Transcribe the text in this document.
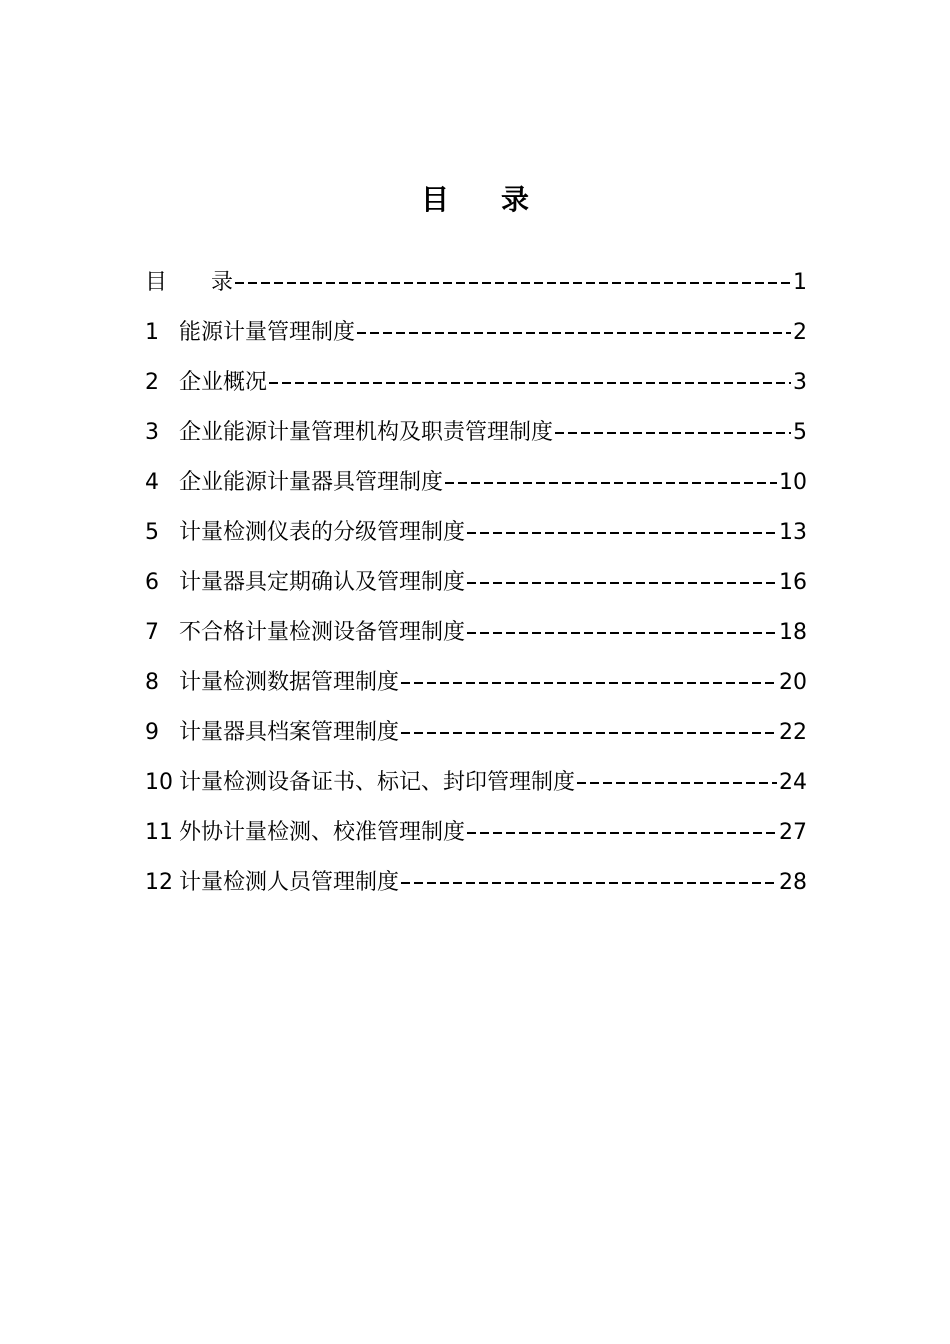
目 录
目 录	1
1 能源计量管理制度	2
2 企业概况	3
3 企业能源计量管理机构及职责管理制度	5
4 企业能源计量器具管理制度	10
5 计量检测仪表的分级管理制度	13
6 计量器具定期确认及管理制度	16
7 不合格计量检测设备管理制度	18
8 计量检测数据管理制度	20
9 计量器具档案管理制度	22
10 计量检测设备证书、标记、封印管理制度	24
11 外协计量检测、校准管理制度	27
12 计量检测人员管理制度	28
